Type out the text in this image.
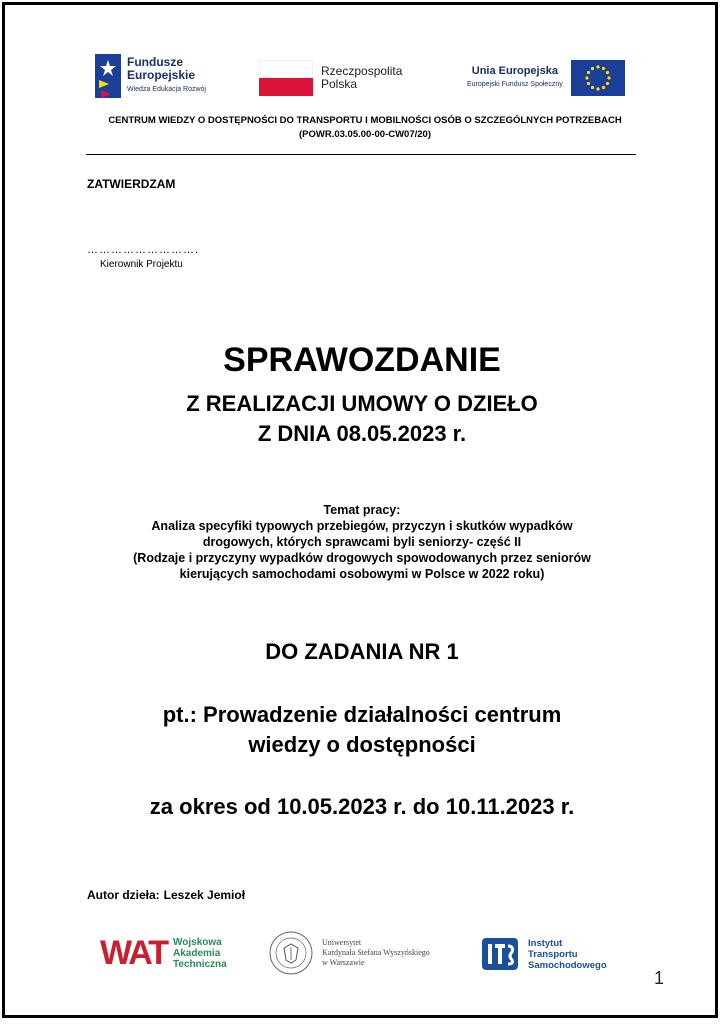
Fundusze
Europejskie
Wiedza Edukacja Rozwój
Rzeczpospolita
Polska
Unia Europejska
Europejski Fundusz Społeczny
CENTRUM WIEDZY O DOSTĘPNOŚCI DO TRANSPORTU I MOBILNOŚCI OSÓB O SZCZEGÓLNYCH POTRZEBACH
(POWR.03.05.00-00-CW07/20)
ZATWIERDZAM
……………………….
Kierownik Projektu
SPRAWOZDANIE
Z REALIZACJI UMOWY O DZIEŁO
Z DNIA 08.05.2023 r.
Temat pracy:
Analiza specyfiki typowych przebiegów, przyczyn i skutków wypadków
drogowych, których sprawcami byli seniorzy- część II
(Rodzaje i przyczyny wypadków drogowych spowodowanych przez seniorów
kierujących samochodami osobowymi w Polsce w 2022 roku)
DO ZADANIA NR 1
pt.: Prowadzenie działalności centrum
wiedzy o dostępności
za okres od 10.05.2023 r. do 10.11.2023 r.
Autor dzieła: Leszek Jemioł
WAT Wojskowa
Akademia
Techniczna
Uniwersytet
Kardynała Stefana Wyszyńskiego
w Warszawie
Instytut
Transportu
Samochodowego
1
